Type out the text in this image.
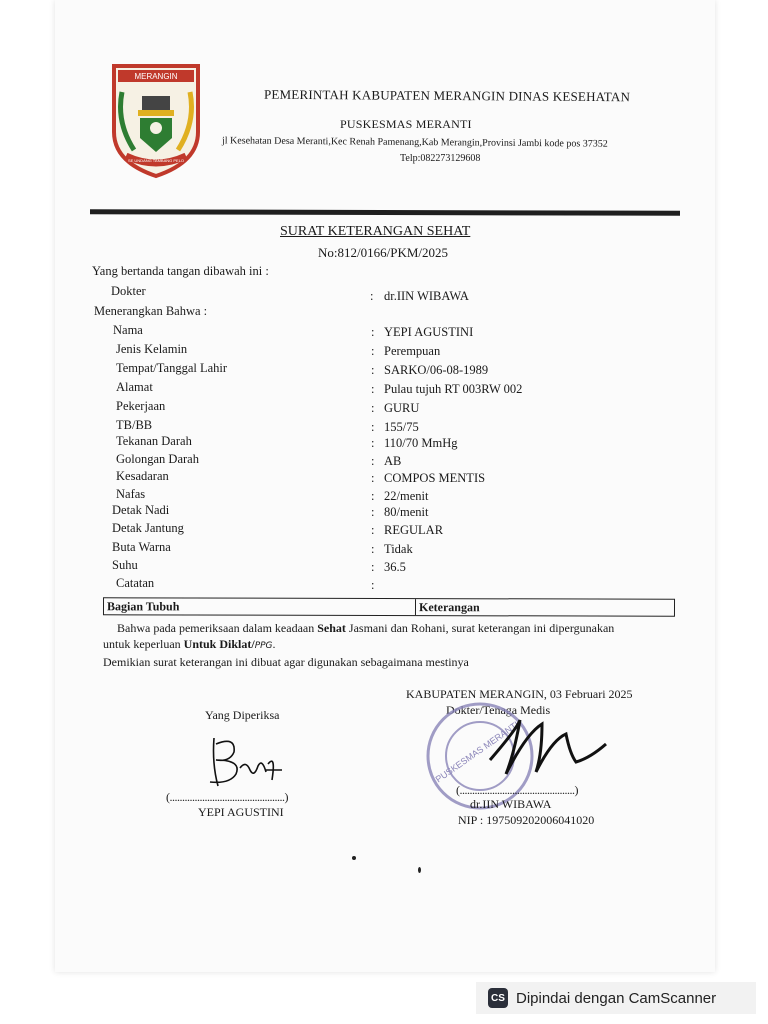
MERANGIN
SE UNDANG TAMBANG PELO
PEMERINTAH KABUPATEN MERANGIN DINAS KESEHATAN
PUSKESMAS MERANTI
jl Kesehatan Desa Meranti,Kec Renah Pamenang,Kab Merangin,Provinsi Jambi kode pos 37352
Telp:082273129608
SURAT KETERANGAN SEHAT
No:812/0166/PKM/2025
Yang bertanda tangan dibawah ini :
Dokter	: dr.IIN WIBAWA
Menerangkan Bahwa :
Nama	: YEPI AGUSTINI
Jenis Kelamin	: Perempuan
Tempat/Tanggal Lahir	: SARKO/06-08-1989
Alamat	: Pulau tujuh RT 003RW 002
Pekerjaan	: GURU
TB/BB	: 155/75
Tekanan Darah	: 110/70 MmHg
Golongan Darah	: AB
Kesadaran	: COMPOS MENTIS
Nafas	: 22/menit
Detak Nadi	: 80/menit
Detak Jantung	: REGULAR
Buta Warna	: Tidak
Suhu	: 36.5
Catatan	:
Bagian Tubuh	Keterangan
Bahwa pada pemeriksaan dalam keadaan Sehat Jasmani dan Rohani, surat keterangan ini dipergunakan
untuk keperluan Untuk Diklat/PPG.
Demikian surat keterangan ini dibuat agar digunakan sebagaimana mestinya
KABUPATEN MERANGIN, 03 Februari 2025
Dokter/Tenaga Medis
Yang Diperiksa
PUSKESMAS MERANTI
(..............................................)
YEPI AGUSTINI
(..............................................)
dr.IIN WIBAWA
NIP : 197509202006041020
CS Dipindai dengan CamScanner
